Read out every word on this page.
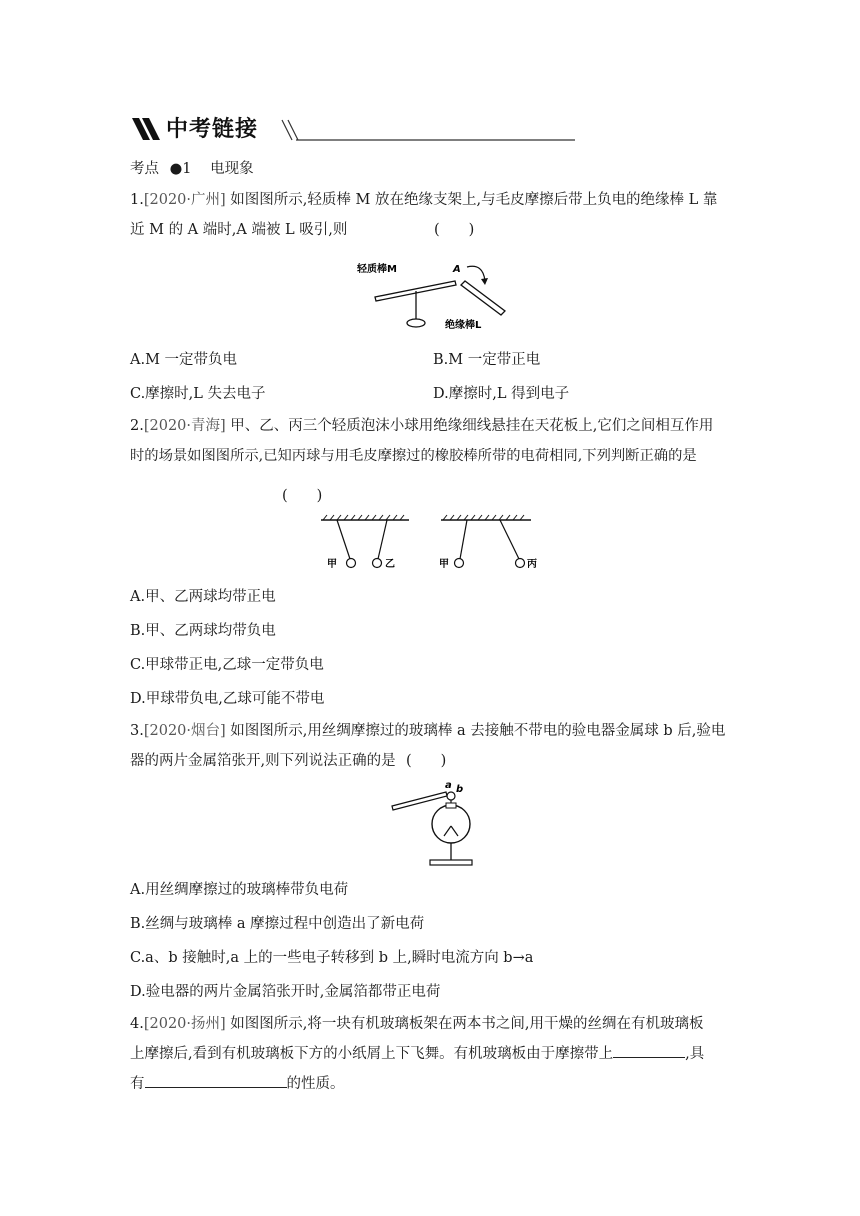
中考链接
考点 ●1 电现象
1.[2020·广州] 如图图所示,轻质棒 M 放在绝缘支架上,与毛皮摩擦后带上负电的绝缘棒 L 靠
近 M 的 A 端时,A 端被 L 吸引,则	(　　)
轻质棒M	A
绝缘棒L
A.M 一定带负电	B.M 一定带正电
C.摩擦时,L 失去电子	D.摩擦时,L 得到电子
2.[2020·青海] 甲、乙、丙三个轻质泡沫小球用绝缘细线悬挂在天花板上,它们之间相互作用
时的场景如图图所示,已知丙球与用毛皮摩擦过的橡胶棒所带的电荷相同,下列判断正确的是
(　　)
甲	乙	甲	丙
A.甲、乙两球均带正电
B.甲、乙两球均带负电
C.甲球带正电,乙球一定带负电
D.甲球带负电,乙球可能不带电
3.[2020·烟台] 如图图所示,用丝绸摩擦过的玻璃棒 a 去接触不带电的验电器金属球 b 后,验电
器的两片金属箔张开,则下列说法正确的是 (　　)
a b
A.用丝绸摩擦过的玻璃棒带负电荷
B.丝绸与玻璃棒 a 摩擦过程中创造出了新电荷
C.a、b 接触时,a 上的一些电子转移到 b 上,瞬时电流方向 b→a
D.验电器的两片金属箔张开时,金属箔都带正电荷
4.[2020·扬州] 如图图所示,将一块有机玻璃板架在两本书之间,用干燥的丝绸在有机玻璃板
上摩擦后,看到有机玻璃板下方的小纸屑上下飞舞。有机玻璃板由于摩擦带上	,具
有	的性质。
